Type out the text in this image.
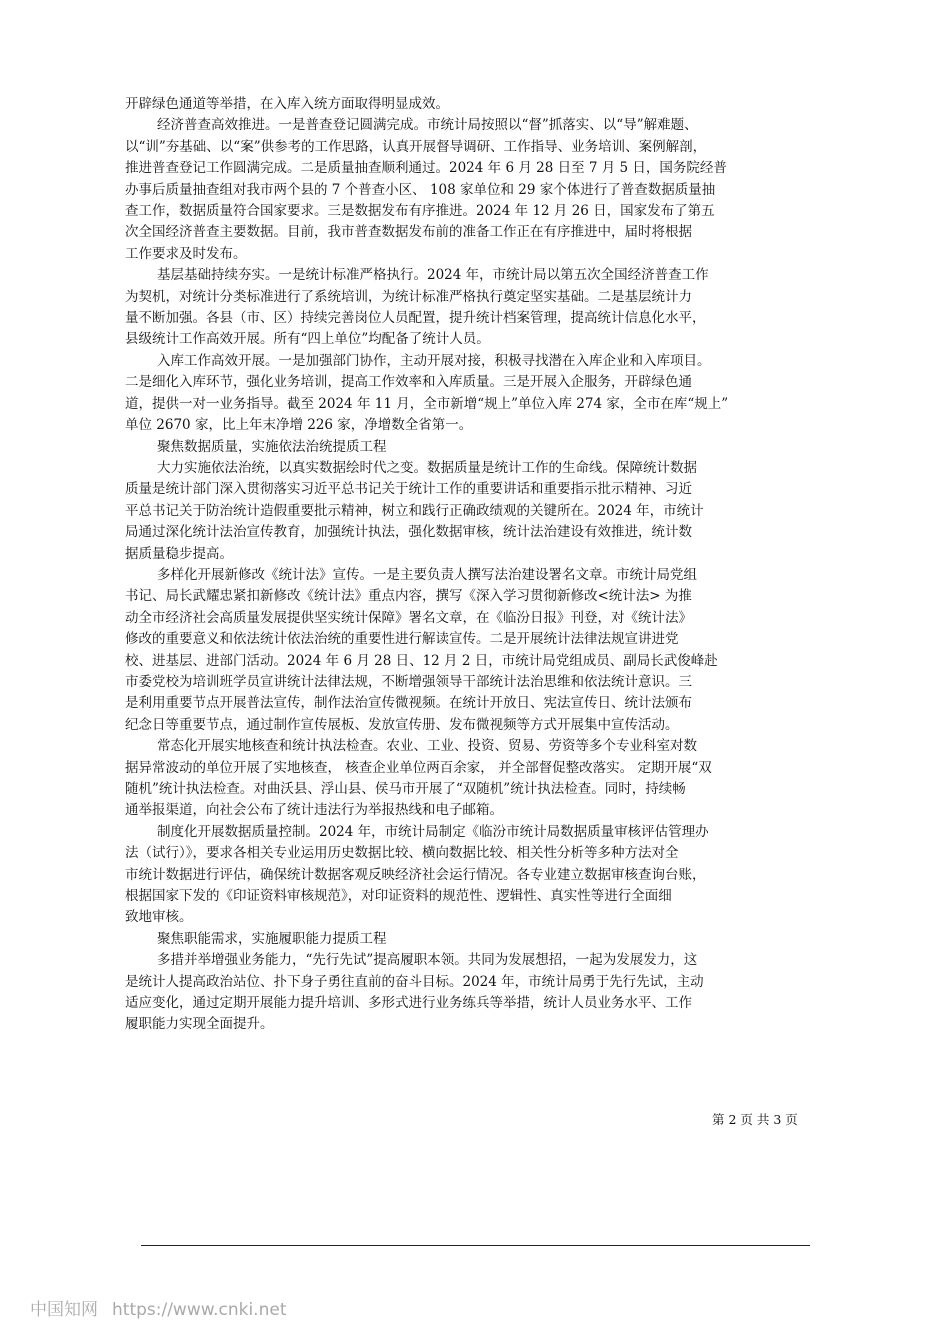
开辟绿色通道等举措，在入库入统方面取得明显成效。

经济普查高效推进。一是普查登记圆满完成。市统计局按照以“督”抓落实、以“导”解难题、

以“训”夯基础、以“案”供参考的工作思路，认真开展督导调研、工作指导、业务培训、案例解剖，

推进普查登记工作圆满完成。二是质量抽查顺利通过。2024 年 6 月 28 日至 7 月 5 日，国务院经普

办事后质量抽查组对我市两个县的 7 个普查小区、 108 家单位和 29 家个体进行了普查数据质量抽

查工作，数据质量符合国家要求。三是数据发布有序推进。2024 年 12 月 26 日，国家发布了第五

次全国经济普查主要数据。目前，我市普查数据发布前的准备工作正在有序推进中，届时将根据

工作要求及时发布。

基层基础持续夯实。一是统计标准严格执行。2024 年，市统计局以第五次全国经济普查工作

为契机，对统计分类标准进行了系统培训，为统计标准严格执行奠定坚实基础。二是基层统计力

量不断加强。各县（市、区）持续完善岗位人员配置，提升统计档案管理，提高统计信息化水平，

县级统计工作高效开展。所有“四上单位”均配备了统计人员。

入库工作高效开展。一是加强部门协作，主动开展对接，积极寻找潜在入库企业和入库项目。

二是细化入库环节，强化业务培训，提高工作效率和入库质量。三是开展入企服务，开辟绿色通

道，提供一对一业务指导。截至 2024 年 11 月，全市新增“规上”单位入库 274 家，全市在库“规上”

单位 2670 家，比上年末净增 226 家，净增数全省第一。

聚焦数据质量，实施依法治统提质工程

大力实施依法治统，以真实数据绘时代之变。数据质量是统计工作的生命线。保障统计数据

质量是统计部门深入贯彻落实习近平总书记关于统计工作的重要讲话和重要指示批示精神、习近

平总书记关于防治统计造假重要批示精神，树立和践行正确政绩观的关键所在。2024 年，市统计

局通过深化统计法治宣传教育，加强统计执法，强化数据审核，统计法治建设有效推进，统计数

据质量稳步提高。

多样化开展新修改《统计法》宣传。一是主要负责人撰写法治建设署名文章。市统计局党组

书记、局长武耀忠紧扣新修改《统计法》重点内容，撰写《深入学习贯彻新修改<统计法> 为推

动全市经济社会高质量发展提供坚实统计保障》署名文章，在《临汾日报》刊登，对《统计法》

修改的重要意义和依法统计依法治统的重要性进行解读宣传。二是开展统计法律法规宣讲进党

校、进基层、进部门活动。2024 年 6 月 28 日、12 月 2 日，市统计局党组成员、副局长武俊峰赴

市委党校为培训班学员宣讲统计法律法规，不断增强领导干部统计法治思维和依法统计意识。三

是利用重要节点开展普法宣传，制作法治宣传微视频。在统计开放日、宪法宣传日、统计法颁布

纪念日等重要节点，通过制作宣传展板、发放宣传册、发布微视频等方式开展集中宣传活动。

常态化开展实地核查和统计执法检查。农业、工业、投资、贸易、劳资等多个专业科室对数

据异常波动的单位开展了实地核查， 核查企业单位两百余家， 并全部督促整改落实。 定期开展“双

随机”统计执法检查。对曲沃县、浮山县、侯马市开展了“双随机”统计执法检查。同时，持续畅

通举报渠道，向社会公布了统计违法行为举报热线和电子邮箱。

制度化开展数据质量控制。2024 年，市统计局制定《临汾市统计局数据质量审核评估管理办

法（试行）》，要求各相关专业运用历史数据比较、横向数据比较、相关性分析等多种方法对全

市统计数据进行评估，确保统计数据客观反映经济社会运行情况。各专业建立数据审核查询台账，

根据国家下发的《印证资料审核规范》，对印证资料的规范性、逻辑性、真实性等进行全面细

致地审核。

聚焦职能需求，实施履职能力提质工程

多措并举增强业务能力，“先行先试”提高履职本领。共同为发展想招，一起为发展发力，这

是统计人提高政治站位、扑下身子勇往直前的奋斗目标。2024 年，市统计局勇于先行先试，主动

适应变化，通过定期开展能力提升培训、多形式进行业务练兵等举措，统计人员业务水平、工作

履职能力实现全面提升。

第 2 页 共 3 页
中国知网 https://www.cnki.net
